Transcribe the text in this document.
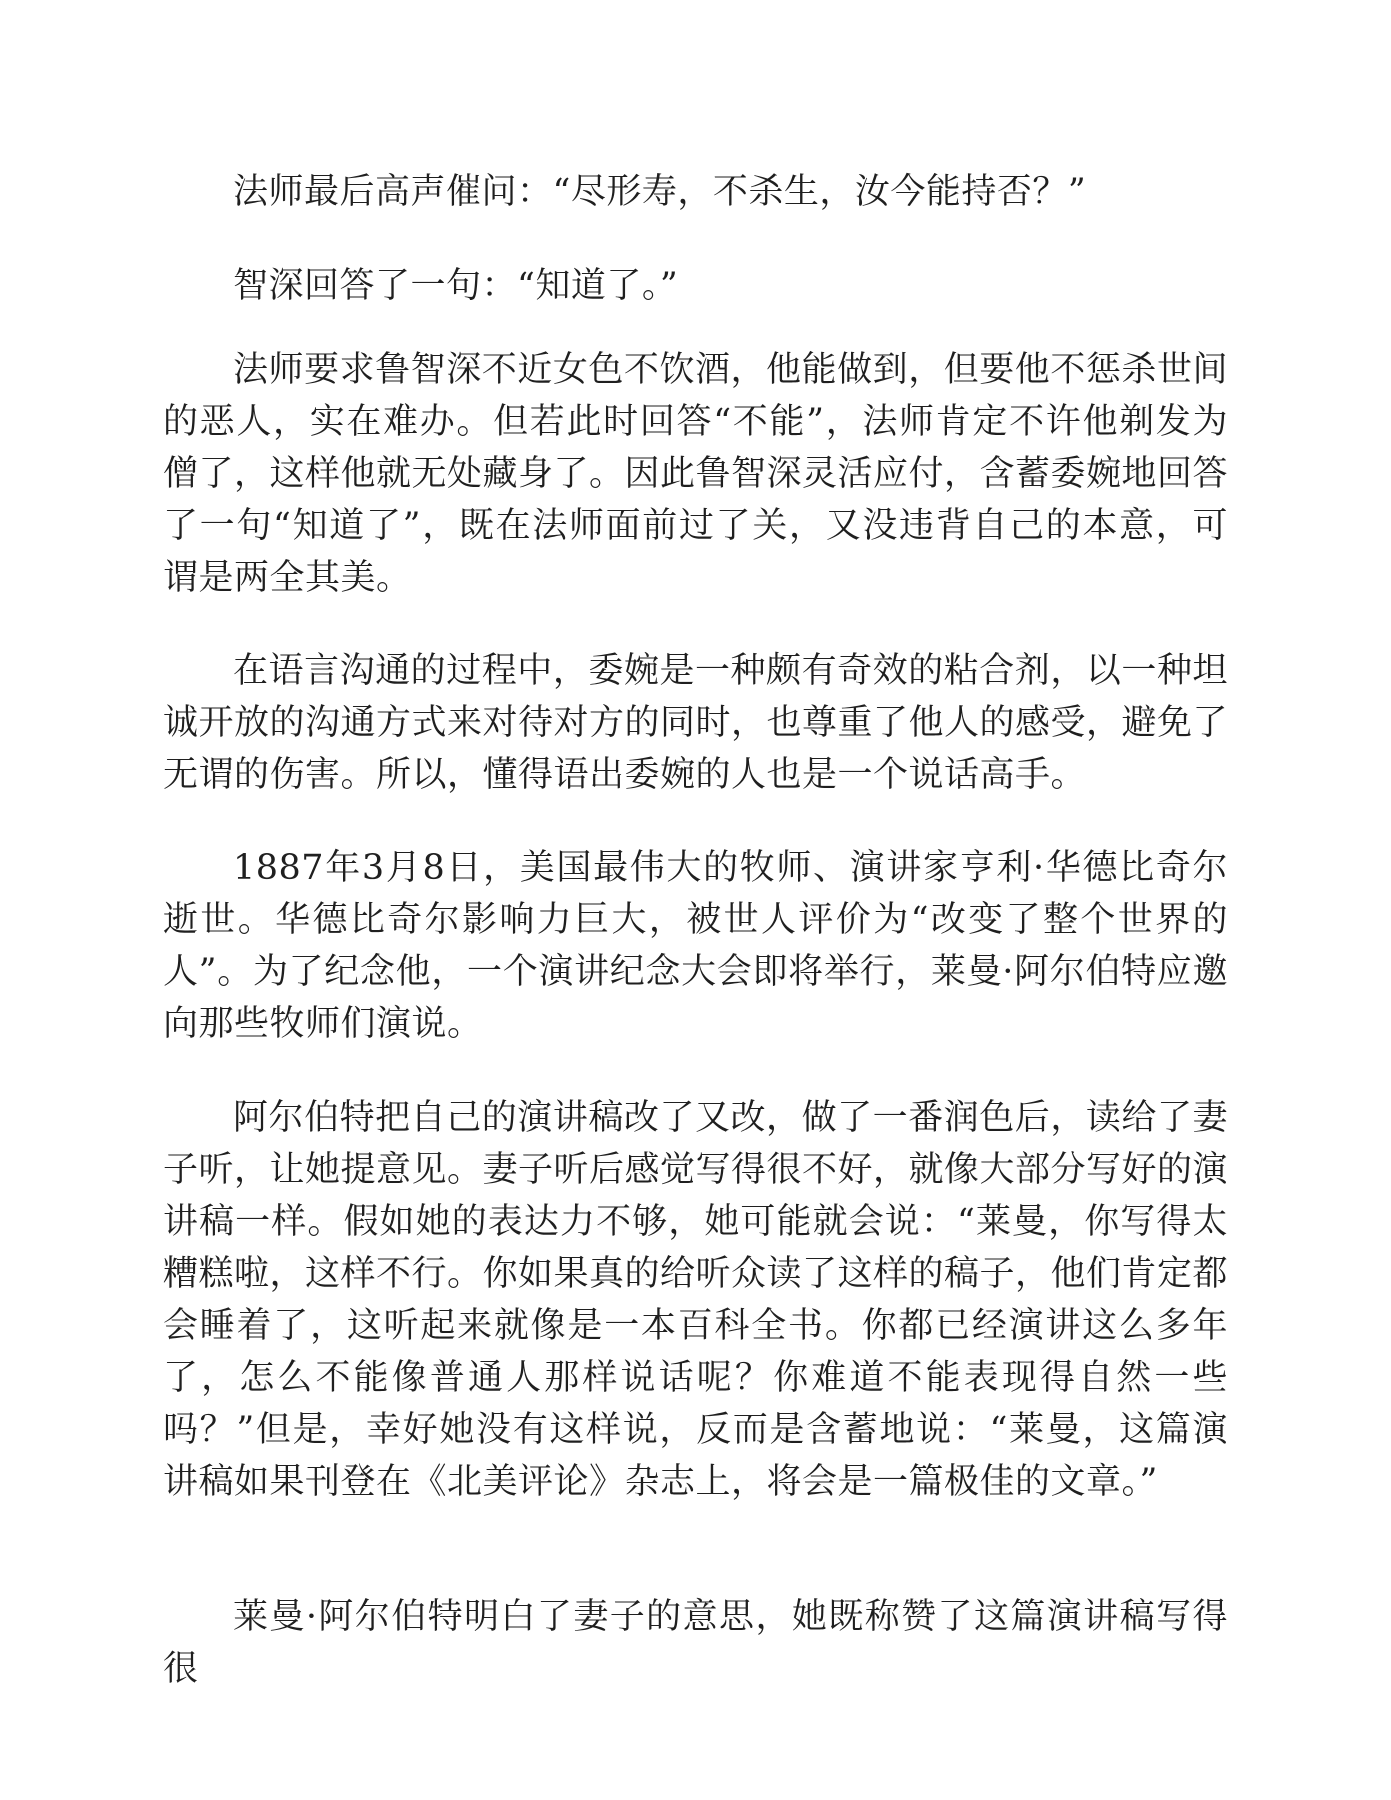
法师最后高声催问：“尽形寿，不杀生，汝今能持否？”

智深回答了一句：“知道了。”

法师要求鲁智深不近女色不饮酒，他能做到，但要他不惩杀世间的恶人，实在难办。但若此时回答“不能”，法师肯定不许他剃发为僧了，这样他就无处藏身了。因此鲁智深灵活应付，含蓄委婉地回答了一句“知道了”，既在法师面前过了关，又没违背自己的本意，可谓是两全其美。

在语言沟通的过程中，委婉是一种颇有奇效的粘合剂，以一种坦诚开放的沟通方式来对待对方的同时，也尊重了他人的感受，避免了无谓的伤害。所以，懂得语出委婉的人也是一个说话高手。

1887年3月8日，美国最伟大的牧师、演讲家亨利·华德比奇尔逝世。华德比奇尔影响力巨大，被世人评价为“改变了整个世界的人”。为了纪念他，一个演讲纪念大会即将举行，莱曼·阿尔伯特应邀向那些牧师们演说。

阿尔伯特把自己的演讲稿改了又改，做了一番润色后，读给了妻子听，让她提意见。妻子听后感觉写得很不好，就像大部分写好的演讲稿一样。假如她的表达力不够，她可能就会说：“莱曼，你写得太糟糕啦，这样不行。你如果真的给听众读了这样的稿子，他们肯定都会睡着了，这听起来就像是一本百科全书。你都已经演讲这么多年了，怎么不能像普通人那样说话呢？你难道不能表现得自然一些吗？”但是，幸好她没有这样说，反而是含蓄地说：“莱曼，这篇演讲稿如果刊登在《北美评论》杂志上，将会是一篇极佳的文章。”

莱曼·阿尔伯特明白了妻子的意思，她既称赞了这篇演讲稿写得很
